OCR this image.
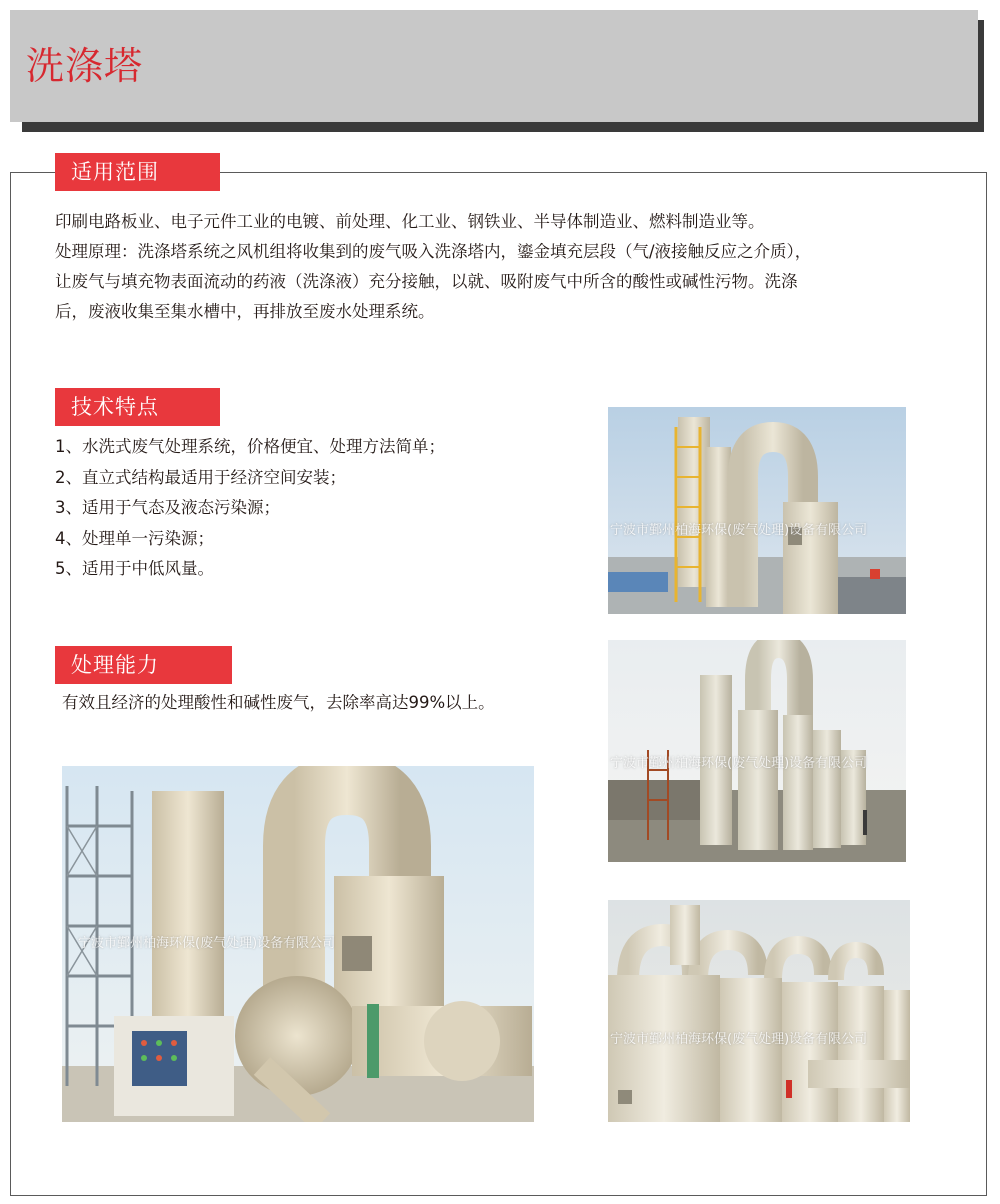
洗涤塔
适用范围
印刷电路板业、电子元件工业的电镀、前处理、化工业、钢铁业、半导体制造业、燃料制造业等。
处理原理：洗涤塔系统之风机组将收集到的废气吸入洗涤塔内，鎏金填充层段（气/液接触反应之介质），
让废气与填充物表面流动的药液（洗涤液）充分接触，以就、吸附废气中所含的酸性或碱性污物。洗涤
后，废液收集至集水槽中，再排放至废水处理系统。
技术特点
1、水洗式废气处理系统，价格便宜、处理方法简单；
2、直立式结构最适用于经济空间安装；
3、适用于气态及液态污染源；
4、处理单一污染源；
5、适用于中低风量。
处理能力
有效且经济的处理酸性和碱性废气，去除率高达99%以上。
宁波市鄞州柏海环保(废气处理)设备有限公司
宁波市鄞州柏海环保(废气处理)设备有限公司
宁波市鄞州柏海环保(废气处理)设备有限公司
宁波市鄞州柏海环保(废气处理)设备有限公司
